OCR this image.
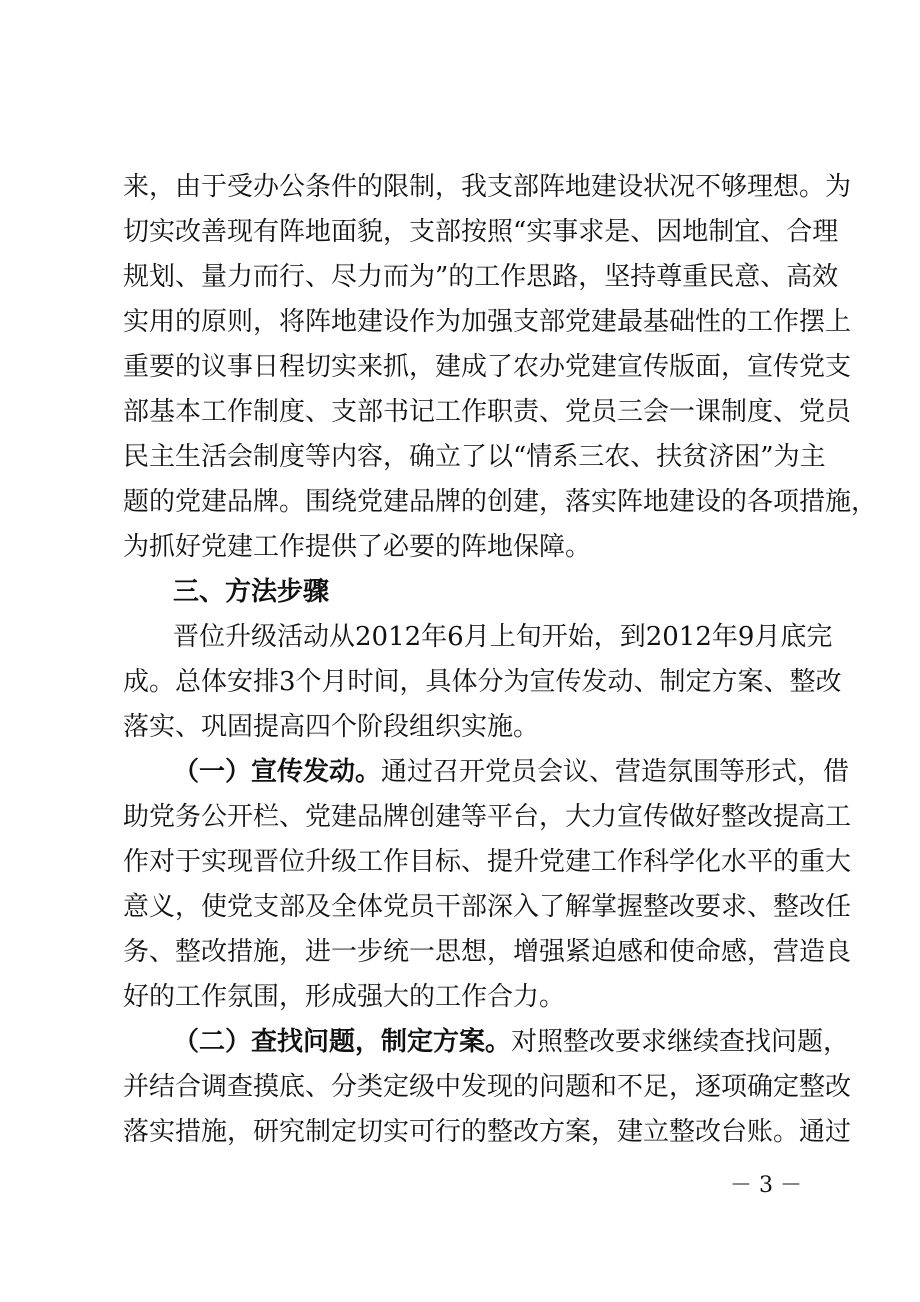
来，由于受办公条件的限制，我支部阵地建设状况不够理想。为
切实改善现有阵地面貌，支部按照“实事求是、因地制宜、合理
规划、量力而行、尽力而为”的工作思路，坚持尊重民意、高效
实用的原则，将阵地建设作为加强支部党建最基础性的工作摆上
重要的议事日程切实来抓，建成了农办党建宣传版面，宣传党支
部基本工作制度、支部书记工作职责、党员三会一课制度、党员
民主生活会制度等内容，确立了以“情系三农、扶贫济困”为主
题的党建品牌。围绕党建品牌的创建，落实阵地建设的各项措施，
为抓好党建工作提供了必要的阵地保障。
三、方法步骤
晋位升级活动从2012年6月上旬开始，到2012年9月底完
成。总体安排3个月时间，具体分为宣传发动、制定方案、整改
落实、巩固提高四个阶段组织实施。
（一）宣传发动。通过召开党员会议、营造氛围等形式，借
助党务公开栏、党建品牌创建等平台，大力宣传做好整改提高工
作对于实现晋位升级工作目标、提升党建工作科学化水平的重大
意义，使党支部及全体党员干部深入了解掌握整改要求、整改任
务、整改措施，进一步统一思想，增强紧迫感和使命感，营造良
好的工作氛围，形成强大的工作合力。
（二）查找问题，制定方案。对照整改要求继续查找问题，
并结合调查摸底、分类定级中发现的问题和不足，逐项确定整改
落实措施，研究制定切实可行的整改方案，建立整改台账。通过
－ 3 －
